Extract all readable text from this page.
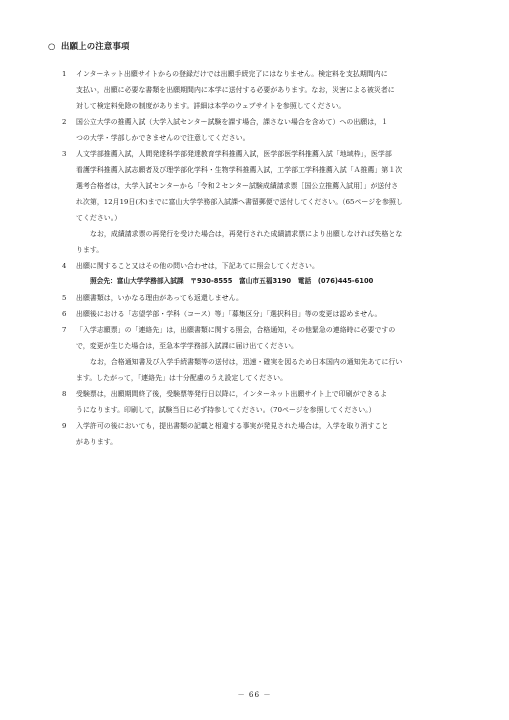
○ 出願上の注意事項
1 インターネット出願サイトからの登録だけでは出願手続完了にはなりません。検定料を支払期間内に
支払い，出願に必要な書類を出願期間内に本学に送付する必要があります。なお，災害による被災者に
対して検定料免除の制度があります。詳細は本学のウェブサイトを参照してください。
2 国公立大学の推薦入試（大学入試センター試験を課す場合，課さない場合を含めて）への出願は，１
つの大学・学部しかできませんので注意してください。
3 人文学部推薦入試，人間発達科学部発達教育学科推薦入試，医学部医学科推薦入試「地域枠」，医学部
看護学科推薦入試志願者及び理学部化学科・生物学科推薦入試，工学部工学科推薦入試「Ａ推薦」第１次
選考合格者は，大学入試センターから「令和２センター試験成績請求票［国公立推薦入試用］」が送付さ
れ次第，12月19日(木)までに富山大学学務部入試課へ書留郵便で送付してください。（65ページを参照し
てください。）
なお，成績請求票の再発行を受けた場合は，再発行された成績請求票により出願しなければ失格とな
ります。
4 出願に関すること又はその他の問い合わせは，下記あてに照会してください。
照会先：富山大学学務部入試課　〒930-8555　富山市五福3190　電話　(076)445-6100
5 出願書類は，いかなる理由があっても返還しません。
6 出願後における「志望学部・学科（コース）等」「募集区分」「選択科目」等の変更は認めません。
7 「入学志願票」の「連絡先」は，出願書類に関する照会，合格通知，その他緊急の連絡時に必要ですの
で，変更が生じた場合は，至急本学学務部入試課に届け出てください。
なお，合格通知書及び入学手続書類等の送付は，迅速・確実を図るため日本国内の通知先あてに行い
ます。したがって，「連絡先」は十分配慮のうえ設定してください。
8 受験票は，出願期間終了後，受験票等発行日以降に，インターネット出願サイト上で印刷ができるよ
うになります。印刷して，試験当日に必ず持参してください。（70ページを参照してください。）
9 入学許可の後においても，提出書類の記載と相違する事実が発見された場合は，入学を取り消すこと
があります。
－ 66 －
